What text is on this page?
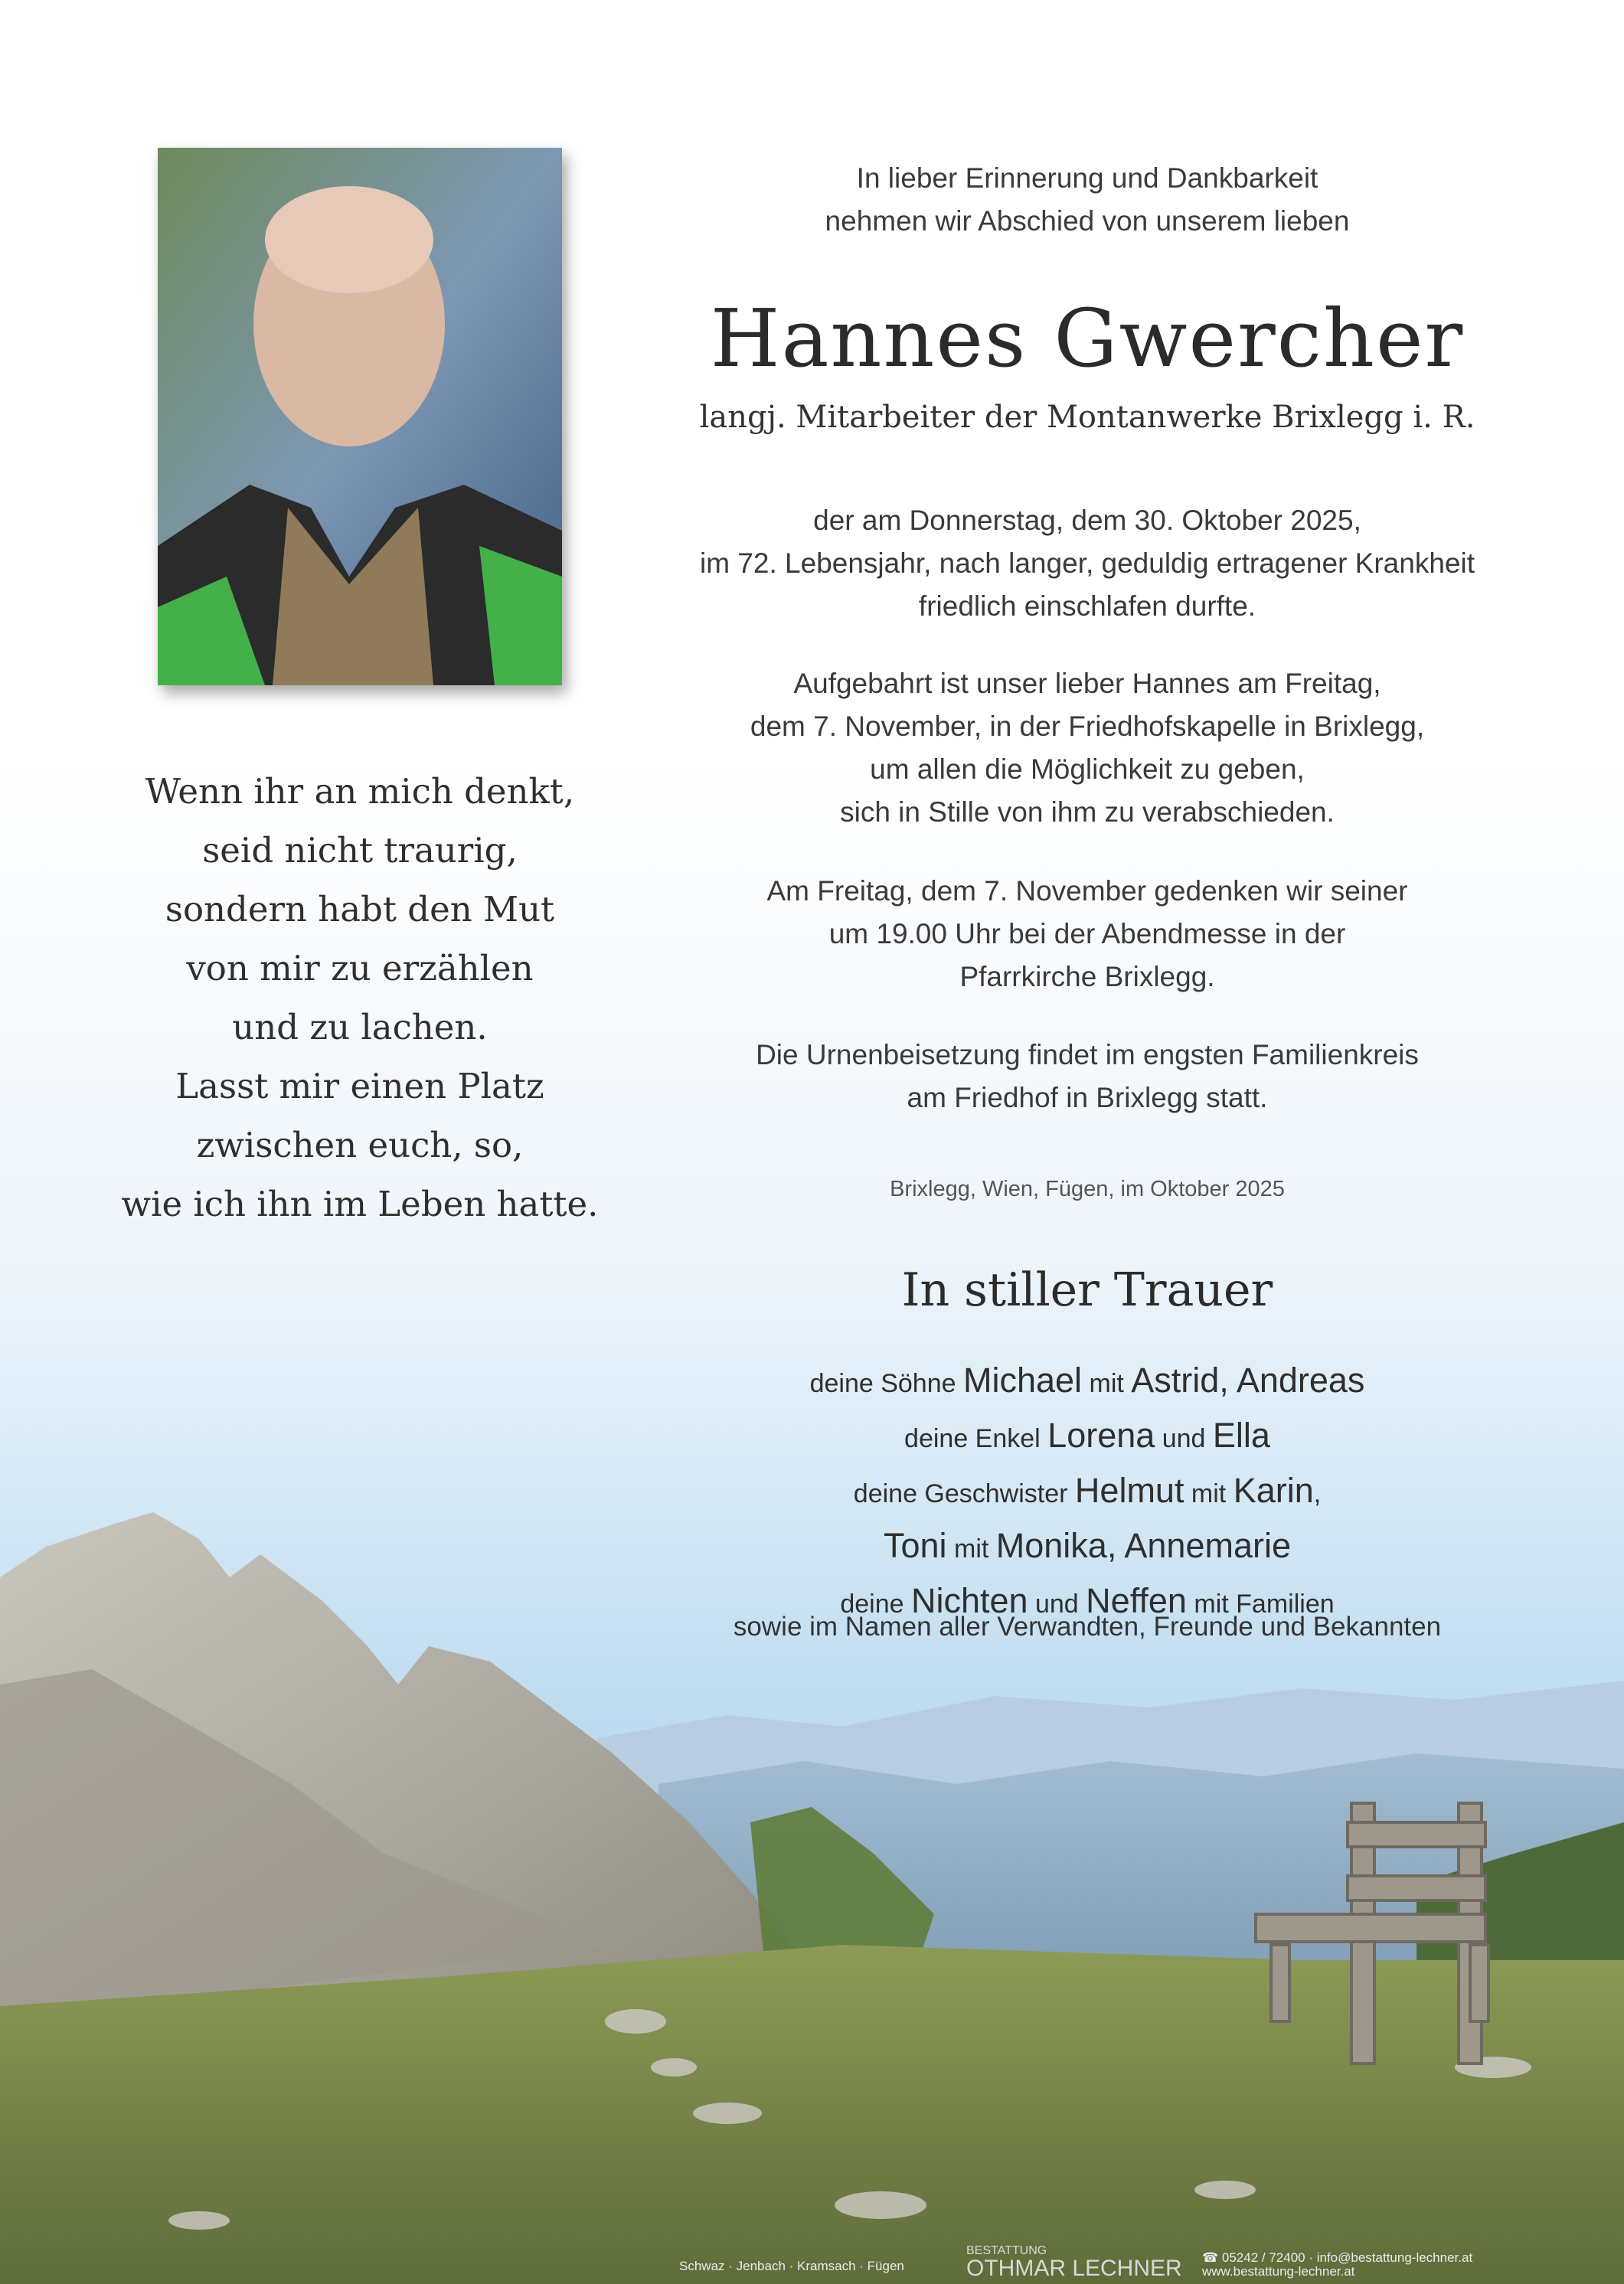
Wenn ihr an mich denkt,
seid nicht traurig,
sondern habt den Mut
von mir zu erzählen
und zu lachen.
Lasst mir einen Platz
zwischen euch, so,
wie ich ihn im Leben hatte.
In lieber Erinnerung und Dankbarkeit
nehmen wir Abschied von unserem lieben
Hannes Gwercher
langj. Mitarbeiter der Montanwerke Brixlegg i. R.
der am Donnerstag, dem 30. Oktober 2025,
im 72. Lebensjahr, nach langer, geduldig ertragener Krankheit
friedlich einschlafen durfte.
Aufgebahrt ist unser lieber Hannes am Freitag,
dem 7. November, in der Friedhofskapelle in Brixlegg,
um allen die Möglichkeit zu geben,
sich in Stille von ihm zu verabschieden.
Am Freitag, dem 7. November gedenken wir seiner
um 19.00 Uhr bei der Abendmesse in der
Pfarrkirche Brixlegg.
Die Urnenbeisetzung findet im engsten Familienkreis
am Friedhof in Brixlegg statt.
Brixlegg, Wien, Fügen, im Oktober 2025
In stiller Trauer
deine Söhne Michael mit Astrid, Andreas
deine Enkel Lorena und Ella
deine Geschwister Helmut mit Karin,
Toni mit Monika, Annemarie
deine Nichten und Neffen mit Familien
sowie im Namen aller Verwandten, Freunde und Bekannten
Schwaz · Jenbach · Kramsach · Fügen
BESTATTUNG
OTHMAR LECHNER ☎ 05242 / 72400 · info@bestattung-lechner.at
www.bestattung-lechner.at
